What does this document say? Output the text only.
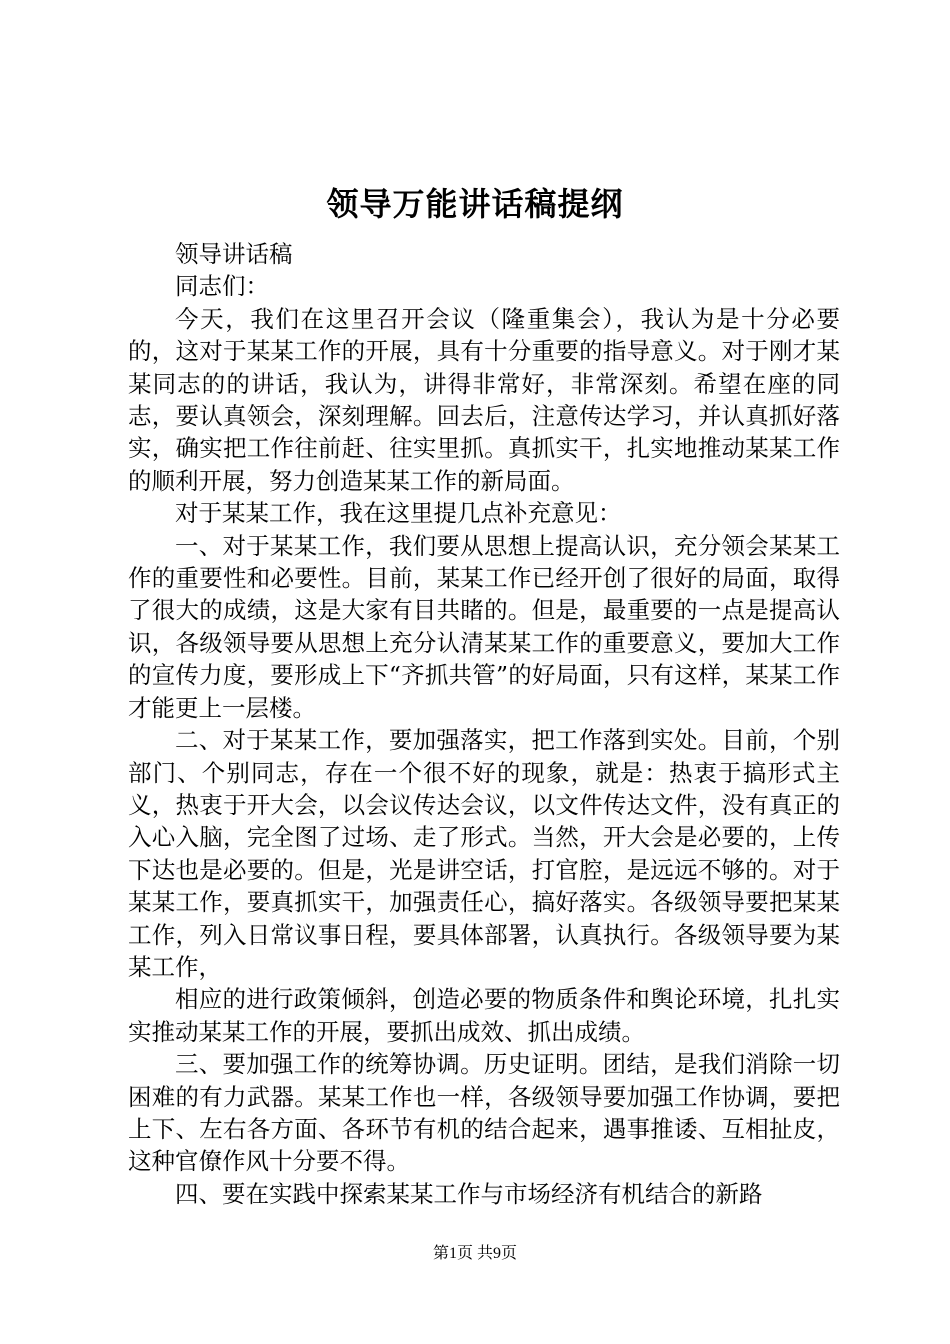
领导万能讲话稿提纲

领导讲话稿

同志们：

今天，我们在这里召开会议（隆重集会），我认为是十分必要的，这对于某某工作的开展，具有十分重要的指导意义。对于刚才某某同志的的讲话，我认为，讲得非常好，非常深刻。希望在座的同志，要认真领会，深刻理解。回去后，注意传达学习，并认真抓好落实，确实把工作往前赶、往实里抓。真抓实干，扎实地推动某某工作的顺利开展，努力创造某某工作的新局面。

对于某某工作，我在这里提几点补充意见：

一、对于某某工作，我们要从思想上提高认识，充分领会某某工作的重要性和必要性。目前，某某工作已经开创了很好的局面，取得了很大的成绩，这是大家有目共睹的。但是，最重要的一点是提高认识，各级领导要从思想上充分认清某某工作的重要意义，要加大工作的宣传力度，要形成上下“齐抓共管”的好局面，只有这样，某某工作才能更上一层楼。

二、对于某某工作，要加强落实，把工作落到实处。目前，个别部门、个别同志，存在一个很不好的现象，就是：热衷于搞形式主义，热衷于开大会，以会议传达会议，以文件传达文件，没有真正的入心入脑，完全图了过场、走了形式。当然，开大会是必要的，上传下达也是必要的。但是，光是讲空话，打官腔，是远远不够的。对于某某工作，要真抓实干，加强责任心，搞好落实。各级领导要把某某工作，列入日常议事日程，要具体部署，认真执行。各级领导要为某某工作，

相应的进行政策倾斜，创造必要的物质条件和舆论环境，扎扎实实推动某某工作的开展，要抓出成效、抓出成绩。

三、要加强工作的统筹协调。历史证明。团结，是我们消除一切困难的有力武器。某某工作也一样，各级领导要加强工作协调，要把上下、左右各方面、各环节有机的结合起来，遇事推诿、互相扯皮，这种官僚作风十分要不得。

四、要在实践中探索某某工作与市场经济有机结合的新路

第1页 共9页
